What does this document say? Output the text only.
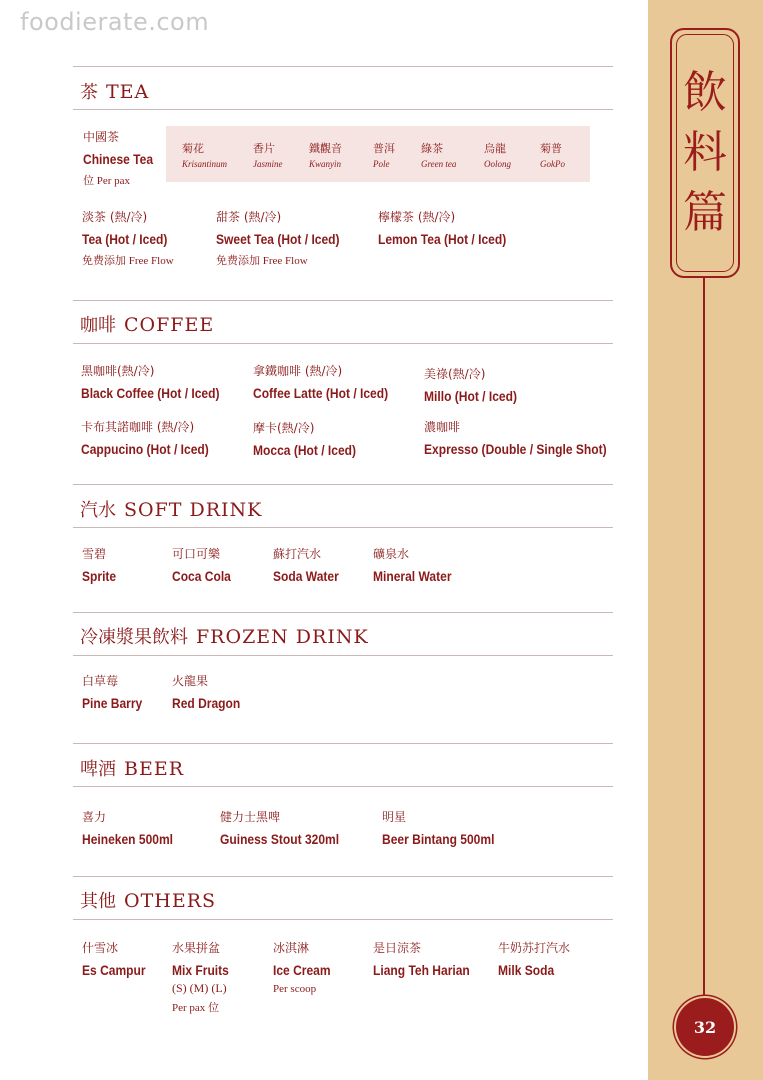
foodierate.com
飲
料
篇
32
茶 TEA
中國茶
Chinese Tea
位 Per pax
菊花
Krisantinum
香片
Jasmine
鐵觀音
Kwanyin
普洱
Pole
綠茶
Green tea
烏龍
Oolong
菊普
GokPo
淡茶 (熱/冷)
Tea (Hot / Iced)
免费添加 Free Flow
甜茶 (熱/冷)
Sweet Tea (Hot / Iced)
免费添加 Free Flow
檸檬茶 (熱/冷)
Lemon Tea (Hot / Iced)
咖啡 COFFEE
黑咖啡(熱/冷)
Black Coffee (Hot / Iced)
拿鐵咖啡 (熱/冷)
Coffee Latte (Hot / Iced)
美祿(熱/冷)
Millo (Hot / Iced)
卡布其諾咖啡 (熱/冷)
Cappucino (Hot / Iced)
摩卡(熱/冷)
Mocca (Hot / Iced)
濃咖啡
Expresso (Double / Single Shot)
汽水 SOFT DRINK
雪碧
Sprite
可口可樂
Coca Cola
蘇打汽水
Soda Water
礦泉水
Mineral Water
冷凍漿果飲料 FROZEN DRINK
白草莓
Pine Barry
火龍果
Red Dragon
啤酒 BEER
喜力
Heineken 500ml
健力士黑啤
Guiness Stout 320ml
明星
Beer Bintang 500ml
其他 OTHERS
什雪冰
Es Campur
水果拼盆
Mix Fruits
(S) (M) (L)
Per pax 位
冰淇淋
Ice Cream
Per scoop
是日涼茶
Liang Teh Harian
牛奶苏打汽水
Milk Soda
